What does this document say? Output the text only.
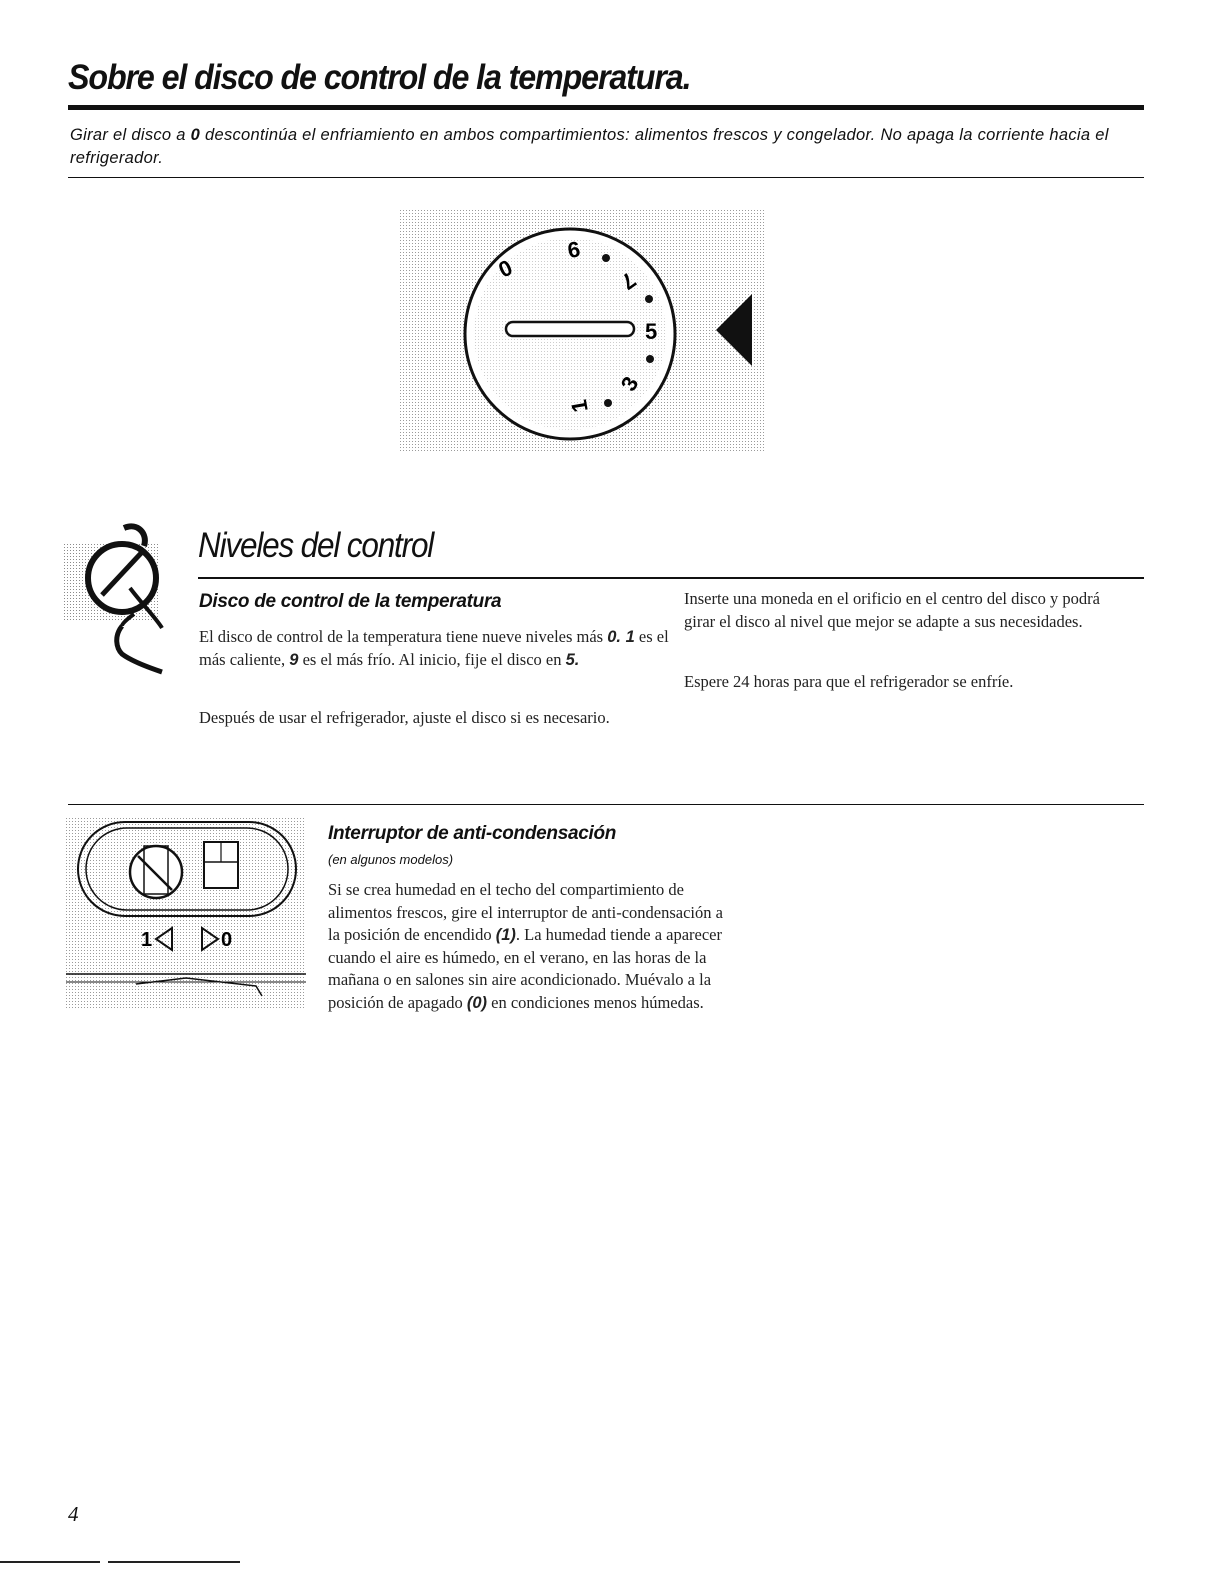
Sobre el disco de control de la temperatura.

Girar el disco a 0 descontinúa el enfriamiento en ambos compartimientos: alimentos frescos y congelador. No apaga la corriente hacia el refrigerador.

0
9
7
5
3
1
Niveles del control
Disco de control de la temperatura

El disco de control de la temperatura tiene nueve niveles más 0. 1 es el más caliente, 9 es el más frío. Al inicio, fije el disco en 5.

Después de usar el refrigerador, ajuste el disco si es necesario.

Inserte una moneda en el orificio en el centro del disco y podrá girar el disco al nivel que mejor se adapte a sus necesidades.

Espere 24 horas para que el refrigerador se enfríe.

1	0
Interruptor de anti-condensación

(en algunos modelos)

Si se crea humedad en el techo del compartimiento de alimentos frescos, gire el interruptor de anti-condensación a la posición de encendido (1). La humedad tiende a aparecer cuando el aire es húmedo, en el verano, en las horas de la mañana o en salones sin aire acondicionado. Muévalo a la posición de apagado (0) en condiciones menos húmedas.

4
